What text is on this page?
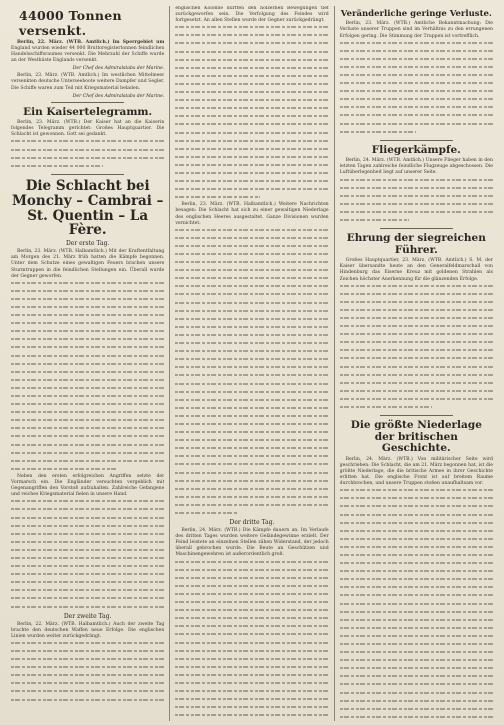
44000 Tonnen versenkt.

Berlin, 22. März. (WTB. Amtlich.) Im Sperrgebiet um England wurden wieder 44 000 Bruttoregistertonnen feindlichen Handelsschiffsraumes versenkt. Die Mehrzahl der Schiffe wurde an der Westküste Englands versenkt.

Der Chef des Admiralstabs der Marine.

Berlin, 23. März. (WTB. Amtlich.) Im westlichen Mittelmeer versenkten deutsche Unterseeboote weitere Dampfer und Segler. Die Schiffe waren zum Teil mit Kriegsmaterial beladen.

Der Chef des Admiralstabs der Marine.
Ein Kaisertelegramm.

Berlin, 23. März. (WTB.) Der Kaiser hat an die Kaiserin folgendes Telegramm gerichtet: Großes Hauptquartier. Die Schlacht ist gewonnen. Gott sei gedankt.

Die Schlacht bei Monchy – Cambrai – St. Quentin – La Fère.
Der erste Tag.

Berlin, 23. März. (WTB. Halbamtlich.) Mit der Kraftentfaltung am Morgen des 21. März früh hatten die Kämpfe begonnen. Unter dem Schutze eines gewaltigen Feuers brachen unsere Sturmtruppen in die feindlichen Stellungen ein. Überall wurde der Gegner geworfen.

Neben den ersten erfolgreichen Angriffen setzte der Vormarsch ein. Die Engländer versuchten vergeblich mit Gegenangriffen den Vorstoß aufzuhalten. Zahlreiche Gefangene und reiches Kriegsmaterial fielen in unsere Hand.

Der zweite Tag.

Berlin, 22. März. (WTB. Halbamtlich.) Auch der zweite Tag brachte den deutschen Waffen neue Erfolge. Die englischen Linien wurden weiter zurückgedrängt.

englischen Kolonne dürften den hölzernen Bewegungen tief zurückgeworfen sein. Die Verfolgung des Feindes wird fortgesetzt. An allen Stellen wurde der Gegner zurückgedrängt.

Berlin, 23. März. (WTB. Halbamtlich.) Weitere Nachrichten besagen: Die Schlacht hat sich zu einer gewaltigen Niederlage des englischen Heeres ausgestaltet. Ganze Divisionen wurden vernichtet.

Der dritte Tag.

Berlin, 24. März. (WTB.) Die Kämpfe dauern an. Im Verlaufe des dritten Tages wurden weitere Geländegewinne erzielt. Der Feind leistete an einzelnen Stellen zähen Widerstand, der jedoch überall gebrochen wurde. Die Beute an Geschützen und Maschinengewehren ist außerordentlich groß.

Veränderliche geringe Verluste.

Berlin, 23. März. (WTB.) Amtliche Bekanntmachung: Die Verluste unserer Truppen sind im Verhältnis zu den errungenen Erfolgen gering. Die Stimmung der Truppen ist vortrefflich.

Fliegerkämpfe.

Berlin, 24. März. (WTB. Amtlich.) Unsere Flieger haben in den letzten Tagen zahlreiche feindliche Flugzeuge abgeschossen. Die Luftüberlegenheit liegt auf unserer Seite.

Ehrung der siegreichen Führer.

Großes Hauptquartier, 23. März. (WTB. Amtlich.) S. M. der Kaiser übersandte heute an den Generalfeldmarschall von Hindenburg das Eiserne Kreuz mit goldenen Strahlen als Zeichen höchster Anerkennung für die glänzenden Erfolge.

Die größte Niederlage der britischen Geschichte.

Berlin, 24. März. (WTB.) Von militärischer Seite wird geschrieben: Die Schlacht, die am 21. März begonnen hat, ist die größte Niederlage, die die britische Armee in ihrer Geschichte erlitten hat. Die englische Front ist auf breitem Raume durchbrochen, und unsere Truppen stoßen unaufhaltsam vor.
